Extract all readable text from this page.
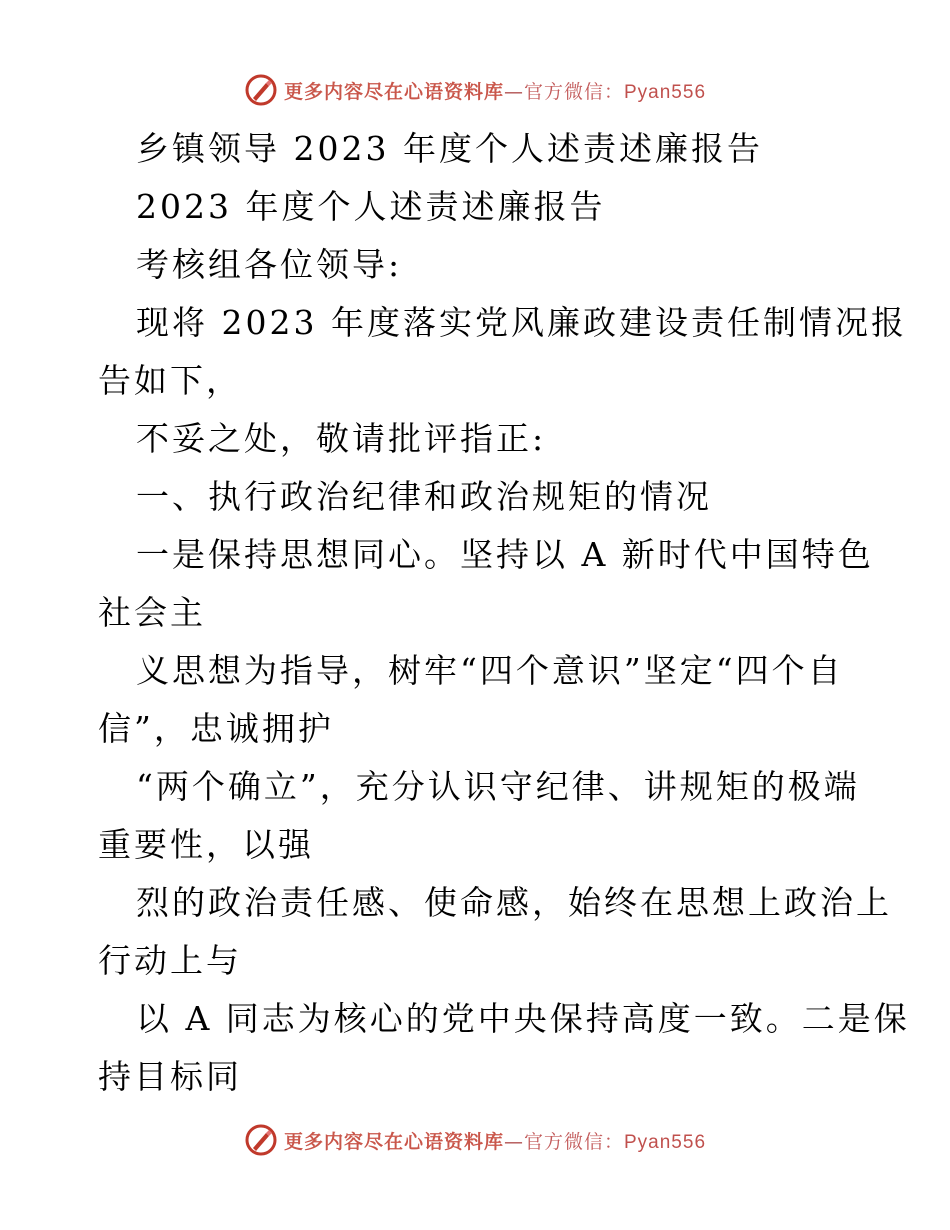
更多内容尽在心语资料库—官方微信：Pyan556
乡镇领导 2023 年度个人述责述廉报告
2023 年度个人述责述廉报告
考核组各位领导:
现将 2023 年度落实党风廉政建设责任制情况报
告如下，
不妥之处，敬请批评指正:
一、执行政治纪律和政治规矩的情况
一是保持思想同心。坚持以 A 新时代中国特色
社会主
义思想为指导，树牢“四个意识”坚定“四个自
信”，忠诚拥护
“两个确立”，充分认识守纪律、讲规矩的极端
重要性，以强
烈的政治责任感、使命感，始终在思想上政治上
行动上与
以 A 同志为核心的党中央保持高度一致。二是保
持目标同
更多内容尽在心语资料库—官方微信：Pyan556
